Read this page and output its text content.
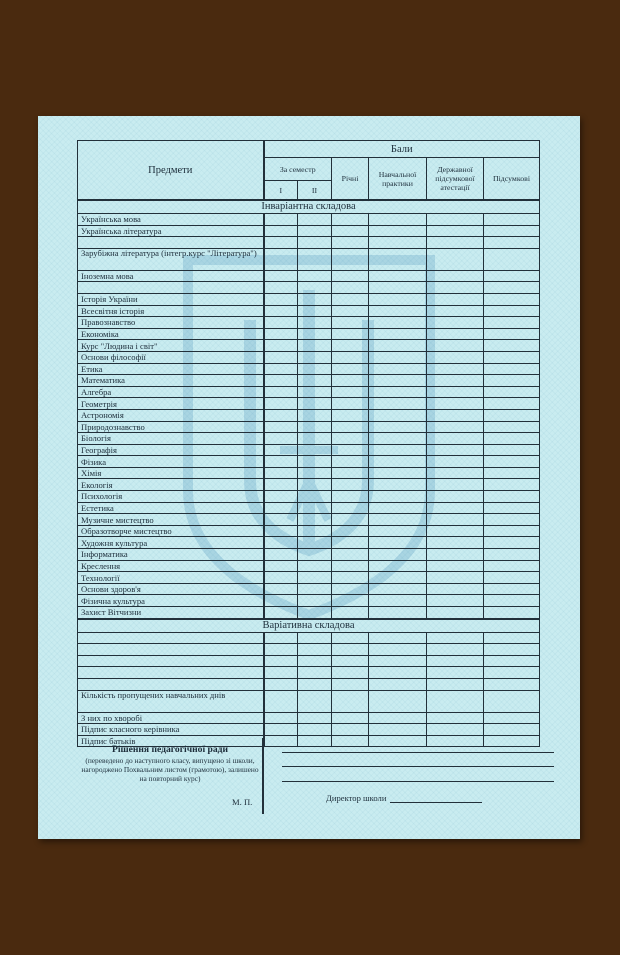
Предмети	Бали					
	За семестр		Річні	Навчальної практики	Державної підсумкової атестації	Підсумкові
	І	ІІ				
Інваріантна складова						
Українська мова						
Українська література						

Зарубіжна література (інтегр.курс "Література")						
Іноземна мова						

Історія України						
Всесвітня історія						
Правознавство						
Економіка						
Курс "Людина і світ"						
Основи філософії						
Етика						
Математика						
Алгебра						
Геометрія						
Астрономія						
Природознавство						
Біологія						
Географія						
Фізика						
Хімія						
Екологія						
Психологія						
Естетика						
Музичне мистецтво						
Образотворче мистецтво						
Художня культура						
Інформатика						
Креслення						
Технології						
Основи здоров'я						
Фізична культура						
Захист Вітчизни						
Варіативна складова						

Кількість пропущених навчальних днів						
З них по хворобі						
Підпис класного керівника						
Підпис батьків						
Рішення педагогічної ради
(переведено до наступного класу, випущено зі школи, нагороджено Похвальним листом (грамотою), залишено на повторний курс)
М. П.	Директор школи
